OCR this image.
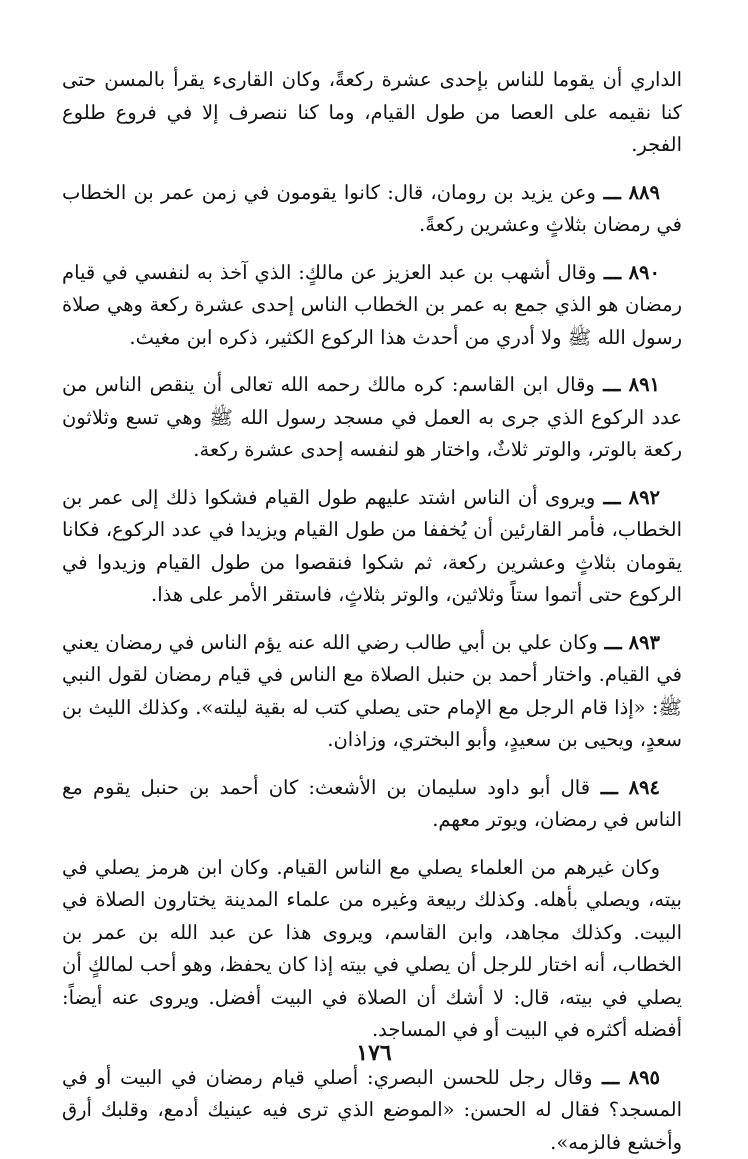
الداري أن يقوما للناس بإحدى عشرة ركعةً، وكان القارىء يقرأ بالمسن حتى كنا نقيمه على العصا من طول القيام، وما كنا ننصرف إلا في فروع طلوع الفجر.

٨٨٩ ـــ وعن يزيد بن رومان، قال: كانوا يقومون في زمن عمر بن الخطاب في رمضان بثلاثٍ وعشرين ركعةً.

٨٩٠ ـــ وقال أشهب بن عبد العزيز عن مالكٍ: الذي آخذ به لنفسي في قيام رمضان هو الذي جمع به عمر بن الخطاب الناس إحدى عشرة ركعة وهي صلاة رسول الله ﷺ ولا أدري من أحدث هذا الركوع الكثير، ذكره ابن مغيث.

٨٩١ ـــ وقال ابن القاسم: كره مالك رحمه الله تعالى أن ينقص الناس من عدد الركوع الذي جرى به العمل في مسجد رسول الله ﷺ وهي تسع وثلاثون ركعة بالوتر، والوتر ثلاثٌ، واختار هو لنفسه إحدى عشرة ركعة.

٨٩٢ ـــ ويروى أن الناس اشتد عليهم طول القيام فشكوا ذلك إلى عمر بن الخطاب، فأمر القارئين أن يُخففا من طول القيام ويزيدا في عدد الركوع، فكانا يقومان بثلاثٍ وعشرين ركعة، ثم شكوا فنقصوا من طول القيام وزيدوا في الركوع حتى أتموا ستاً وثلاثين، والوتر بثلاثٍ، فاستقر الأمر على هذا.

٨٩٣ ـــ وكان علي بن أبي طالب رضي الله عنه يؤم الناس في رمضان يعني في القيام. واختار أحمد بن حنبل الصلاة مع الناس في قيام رمضان لقول النبي ﷺ: «إذا قام الرجل مع الإمام حتى يصلي كتب له بقية ليلته». وكذلك الليث بن سعدٍ، ويحيى بن سعيدٍ، وأبو البختري، وزاذان.

٨٩٤ ـــ قال أبو داود سليمان بن الأشعث: كان أحمد بن حنبل يقوم مع الناس في رمضان، ويوتر معهم.

وكان غيرهم من العلماء يصلي مع الناس القيام. وكان ابن هرمز يصلي في بيته، ويصلي بأهله. وكذلك ربيعة وغيره من علماء المدينة يختارون الصلاة في البيت. وكذلك مجاهد، وابن القاسم، ويروى هذا عن عبد الله بن عمر بن الخطاب، أنه اختار للرجل أن يصلي في بيته إذا كان يحفظ، وهو أحب لمالكٍ أن يصلي في بيته، قال: لا أشك أن الصلاة في البيت أفضل. ويروى عنه أيضاً: أفضله أكثره في البيت أو في المساجد.

٨٩٥ ـــ وقال رجل للحسن البصري: أصلي قيام رمضان في البيت أو في المسجد؟ فقال له الحسن: «الموضع الذي ترى فيه عينيك أدمع، وقلبك أرق وأخشع فالزمه».

١٧٦
